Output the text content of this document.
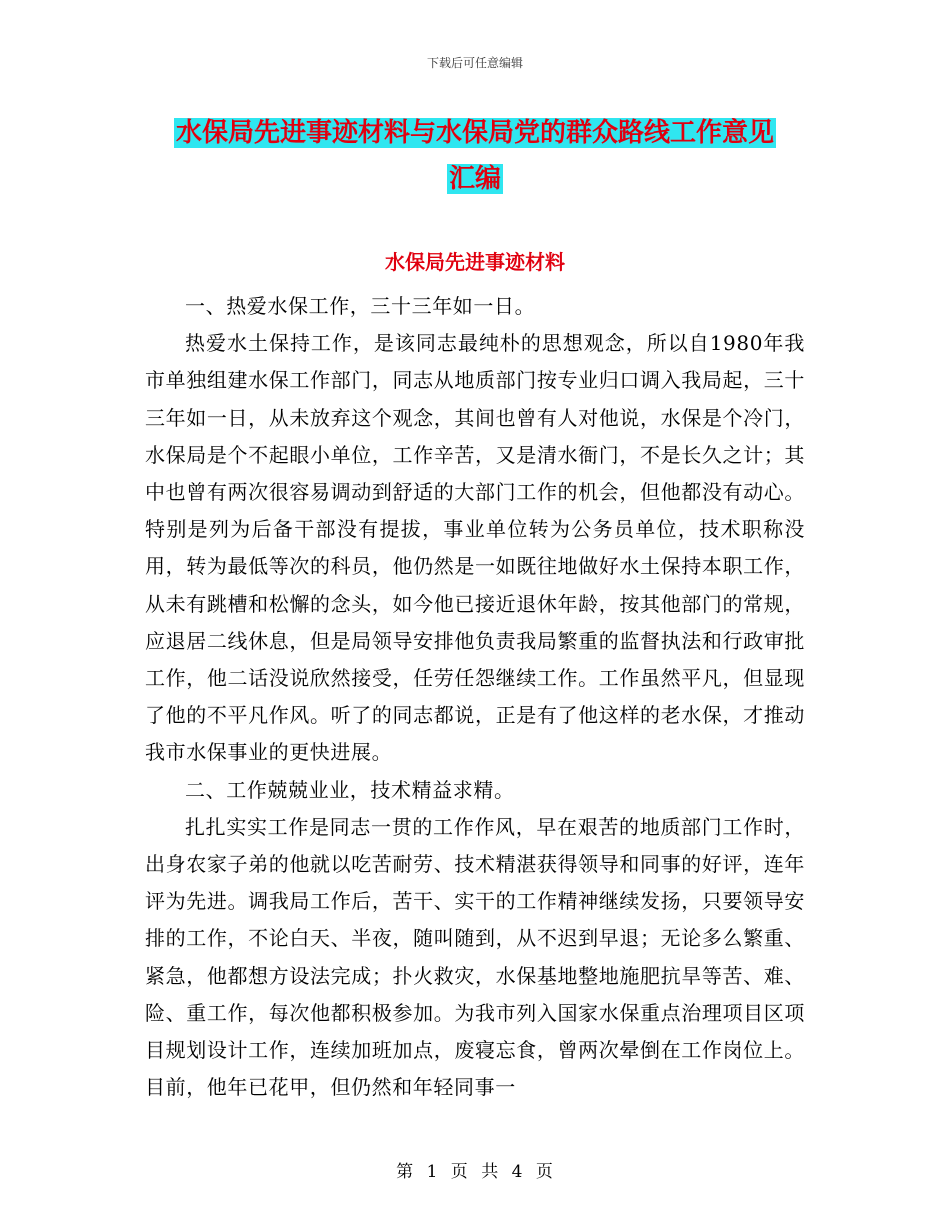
下载后可任意编辑
水保局先进事迹材料与水保局党的群众路线工作意见
汇编
水保局先进事迹材料

一、热爱水保工作，三十三年如一日。

热爱水土保持工作，是该同志最纯朴的思想观念，所以自1980年我市单独组建水保工作部门，同志从地质部门按专业归口调入我局起，三十三年如一日，从未放弃这个观念，其间也曾有人对他说，水保是个冷门，水保局是个不起眼小单位，工作辛苦，又是清水衙门，不是长久之计；其中也曾有两次很容易调动到舒适的大部门工作的机会，但他都没有动心。特别是列为后备干部没有提拔，事业单位转为公务员单位，技术职称没用，转为最低等次的科员，他仍然是一如既往地做好水土保持本职工作，从未有跳槽和松懈的念头，如今他已接近退休年龄，按其他部门的常规，应退居二线休息，但是局领导安排他负责我局繁重的监督执法和行政审批工作，他二话没说欣然接受，任劳任怨继续工作。工作虽然平凡，但显现了他的不平凡作风。听了的同志都说，正是有了他这样的老水保，才推动我市水保事业的更快进展。

二、工作兢兢业业，技术精益求精。

扎扎实实工作是同志一贯的工作作风，早在艰苦的地质部门工作时，出身农家子弟的他就以吃苦耐劳、技术精湛获得领导和同事的好评，连年评为先进。调我局工作后，苦干、实干的工作精神继续发扬，只要领导安排的工作，不论白天、半夜，随叫随到，从不迟到早退；无论多么繁重、紧急，他都想方设法完成；扑火救灾，水保基地整地施肥抗旱等苦、难、险、重工作，每次他都积极参加。为我市列入国家水保重点治理项目区项目规划设计工作，连续加班加点，废寝忘食，曾两次晕倒在工作岗位上。目前，他年已花甲，但仍然和年轻同事一

第 1 页 共 4 页
